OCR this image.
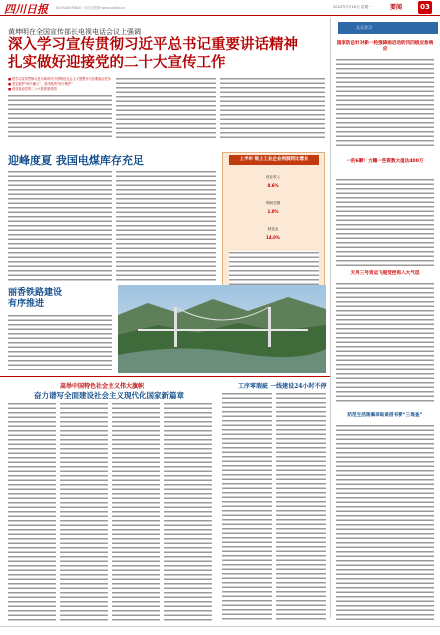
四川日报	SICHUAN RIBAO · 四川日报网 www.scdaily.cn	2022年7月18日 星期一	要闻	03
黄坤明在全国宣传部长电视电话会议上强调
深入学习宣传贯彻习近平总书记重要讲话精神
扎实做好迎接党的二十大宣传工作
■ 把学习宣传贯彻习近平新时代中国特色社会主义思想作为首要政治任务
■ 坚定拥护“两个确立”、坚决做到“两个维护”
■ 营造喜迎党的二十大的浓厚氛围
迎峰度夏 我国电煤库存充足	上半年 规上工业企业利润同比增长
营业收入
8.6%
利润总额
1.0%
制造业
14.0%
丽香铁路建设
有序推进
高举中国特色社会主义伟大旗帜
奋力谱写全面建设社会主义现代化国家新篇章
工序零瑕疵 一线建设24小时不停
天天学习
国家防总针对新一轮强降雨启动防汛四级应急响应
一的6颗！力籍一些资数大值达400万
天舟三号货运飞船受控再入大气层
防范生活落搞录取谈借书要“三堆查”
